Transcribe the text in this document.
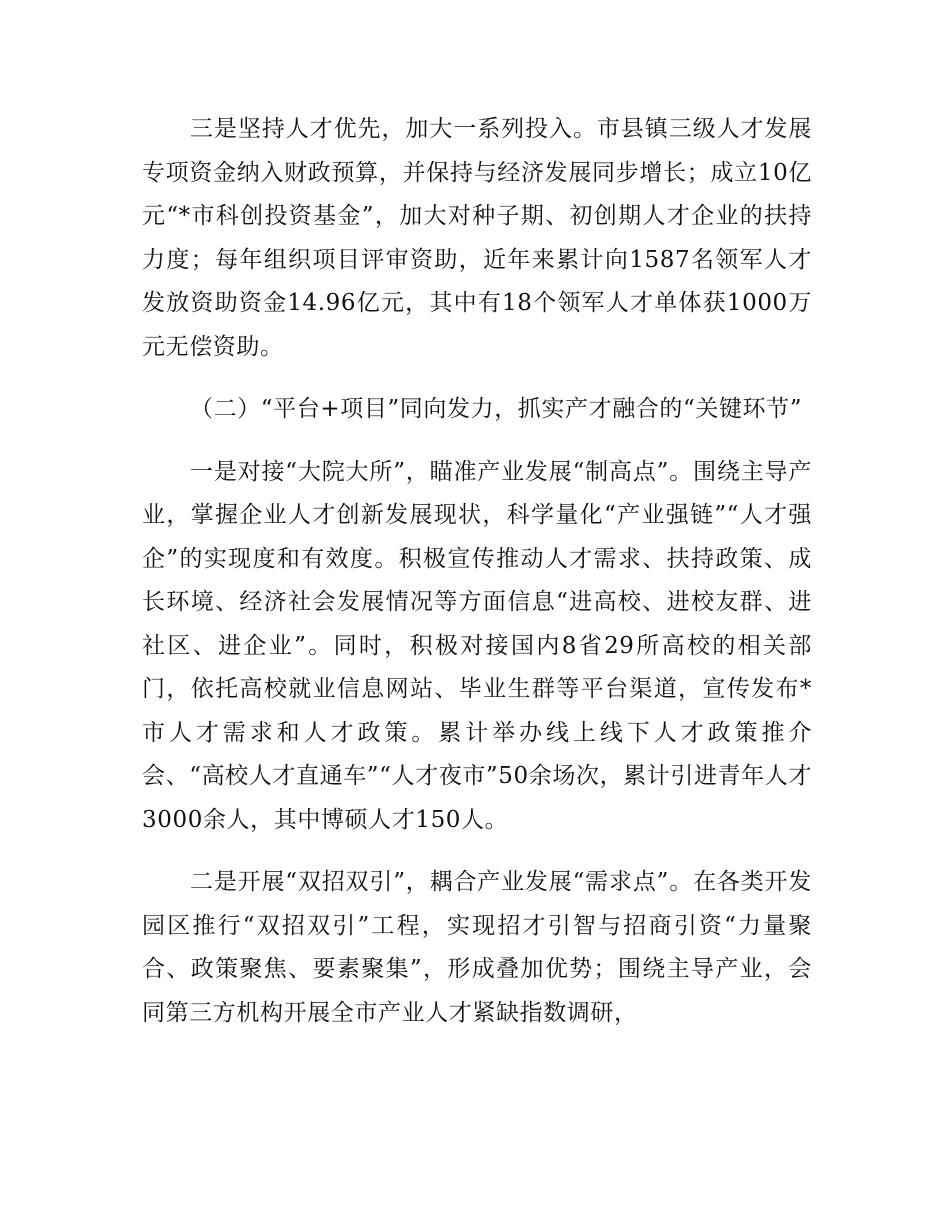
三是坚持人才优先，加大一系列投入。市县镇三级人才发展专项资金纳入财政预算，并保持与经济发展同步增长；成立10亿元“*市科创投资基金”，加大对种子期、初创期人才企业的扶持力度；每年组织项目评审资助，近年来累计向1587名领军人才发放资助资金14.96亿元，其中有18个领军人才单体获1000万元无偿资助。

（二）“平台+项目”同向发力，抓实产才融合的“关键环节”

一是对接“大院大所”，瞄准产业发展“制高点”。围绕主导产业，掌握企业人才创新发展现状，科学量化“产业强链”“人才强企”的实现度和有效度。积极宣传推动人才需求、扶持政策、成长环境、经济社会发展情况等方面信息“进高校、进校友群、进社区、进企业”。同时，积极对接国内8省29所高校的相关部门，依托高校就业信息网站、毕业生群等平台渠道，宣传发布*市人才需求和人才政策。累计举办线上线下人才政策推介会、“高校人才直通车”“人才夜市”50余场次，累计引进青年人才3000余人，其中博硕人才150人。

二是开展“双招双引”，耦合产业发展“需求点”。在各类开发园区推行“双招双引”工程，实现招才引智与招商引资“力量聚合、政策聚焦、要素聚集”，形成叠加优势；围绕主导产业，会同第三方机构开展全市产业人才紧缺指数调研，
